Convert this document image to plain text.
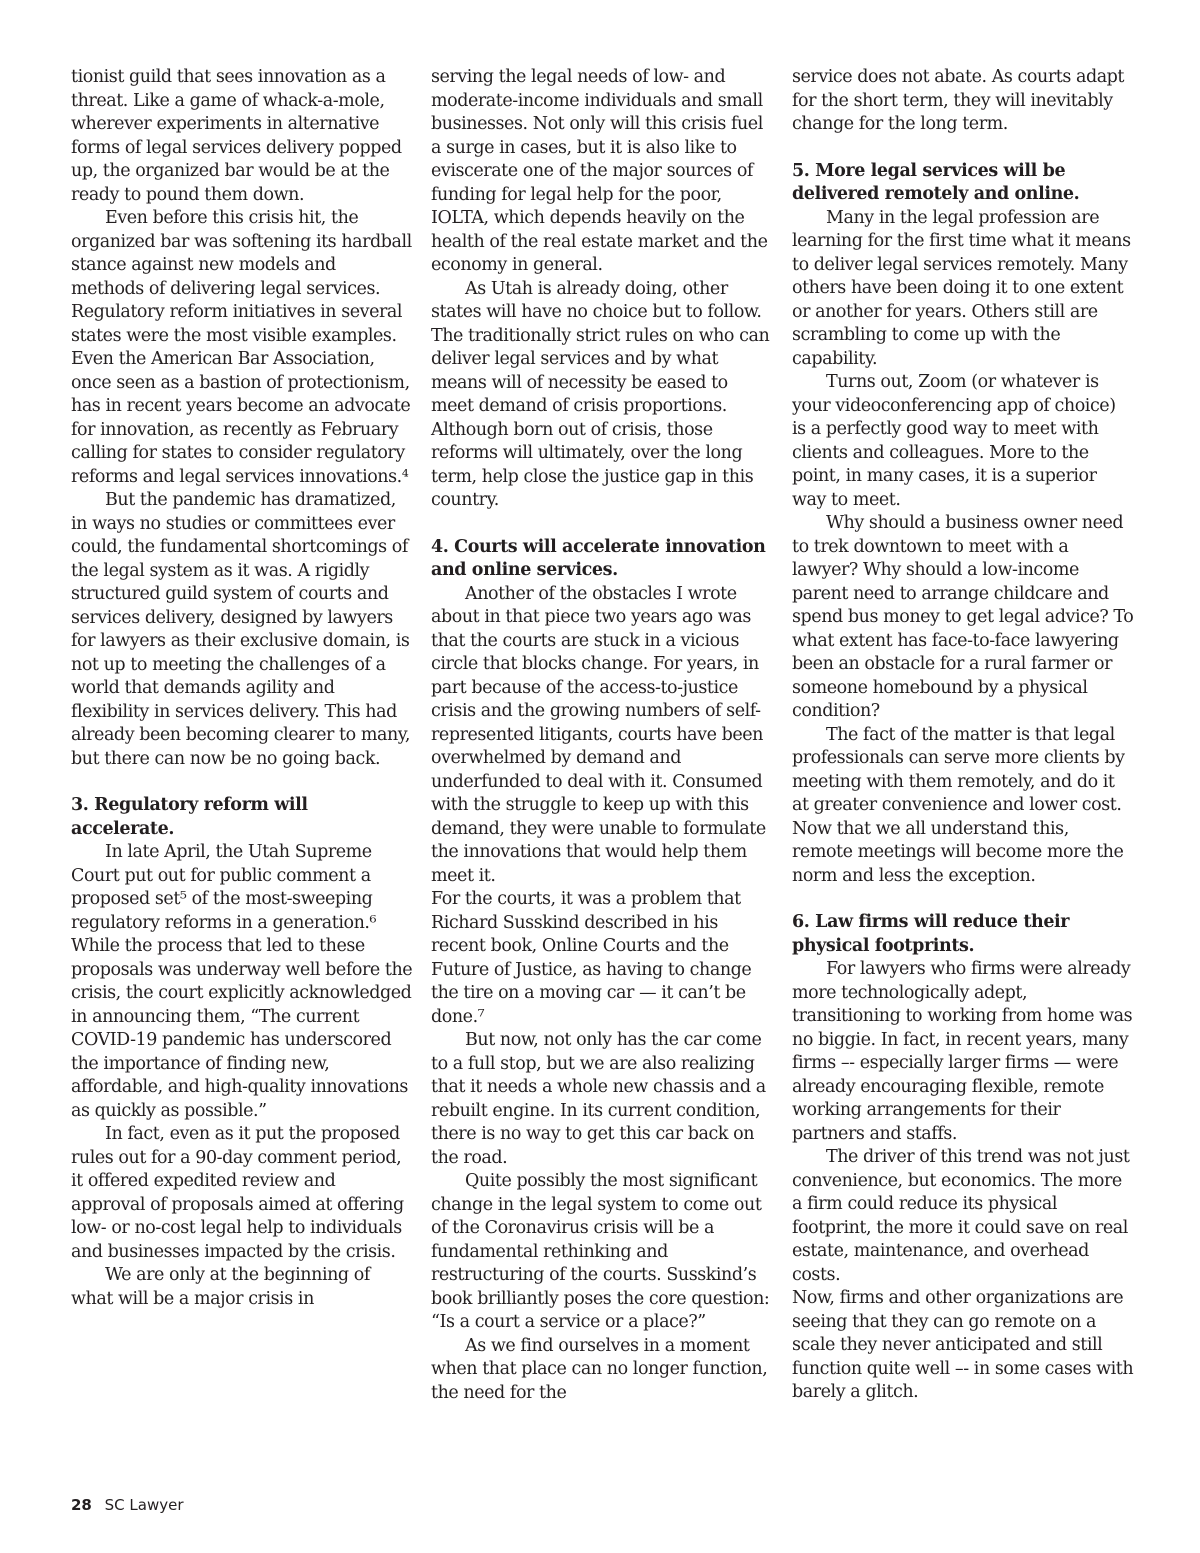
tionist guild that sees innovation as a threat. Like a game of whack-a-mole, wherever experiments in alternative forms of legal services delivery popped up, the organized bar would be at the ready to pound them down.

Even before this crisis hit, the organized bar was softening its hardball stance against new models and methods of delivering legal services. Regulatory reform initiatives in several states were the most visible examples. Even the American Bar Association, once seen as a bastion of protectionism, has in recent years become an advocate for innovation, as recently as February calling for states to consider regulatory reforms and legal services innovations.⁴

But the pandemic has dramatized, in ways no studies or committees ever could, the fundamental shortcomings of the legal system as it was. A rigidly structured guild system of courts and services delivery, designed by lawyers for lawyers as their exclusive domain, is not up to meeting the challenges of a world that demands agility and flexibility in services delivery. This had already been becoming clearer to many, but there can now be no going back.

3. Regulatory reform will accelerate.

In late April, the Utah Supreme Court put out for public comment a proposed set⁵ of the most-sweeping regulatory reforms in a generation.⁶ While the process that led to these proposals was underway well before the crisis, the court explicitly acknowledged in announcing them, “The current COVID-19 pandemic has underscored the importance of finding new, affordable, and high-quality innovations as quickly as possible.”

In fact, even as it put the proposed rules out for a 90-day comment period, it offered expedited review and approval of proposals aimed at offering low- or no-cost legal help to individuals and businesses impacted by the crisis.

We are only at the beginning of what will be a major crisis in

serving the legal needs of low- and moderate-income individuals and small businesses. Not only will this crisis fuel a surge in cases, but it is also like to eviscerate one of the major sources of funding for legal help for the poor, IOLTA, which depends heavily on the health of the real estate market and the economy in general.

As Utah is already doing, other states will have no choice but to follow. The traditionally strict rules on who can deliver legal services and by what means will of necessity be eased to meet demand of crisis proportions. Although born out of crisis, those reforms will ultimately, over the long term, help close the justice gap in this country.

4. Courts will accelerate innovation and online services.

Another of the obstacles I wrote about in that piece two years ago was that the courts are stuck in a vicious circle that blocks change. For years, in part because of the access-to-justice crisis and the growing numbers of self-represented litigants, courts have been overwhelmed by demand and underfunded to deal with it. Consumed with the struggle to keep up with this demand, they were unable to formulate the innovations that would help them meet it.

For the courts, it was a problem that Richard Susskind described in his recent book, Online Courts and the Future of Justice, as having to change the tire on a moving car — it can’t be done.⁷

But now, not only has the car come to a full stop, but we are also realizing that it needs a whole new chassis and a rebuilt engine. In its current condition, there is no way to get this car back on the road.

Quite possibly the most significant change in the legal system to come out of the Coronavirus crisis will be a fundamental rethinking and restructuring of the courts. Susskind’s book brilliantly poses the core question: “Is a court a service or a place?”

As we find ourselves in a moment when that place can no longer function, the need for the

service does not abate. As courts adapt for the short term, they will inevitably change for the long term.

5. More legal services will be delivered remotely and online.

Many in the legal profession are learning for the first time what it means to deliver legal services remotely. Many others have been doing it to one extent or another for years. Others still are scrambling to come up with the capability.

Turns out, Zoom (or whatever is your videoconferencing app of choice) is a perfectly good way to meet with clients and colleagues. More to the point, in many cases, it is a superior way to meet.

Why should a business owner need to trek downtown to meet with a lawyer? Why should a low-income parent need to arrange childcare and spend bus money to get legal advice? To what extent has face-to-face lawyering been an obstacle for a rural farmer or someone homebound by a physical condition?

The fact of the matter is that legal professionals can serve more clients by meeting with them remotely, and do it at greater convenience and lower cost. Now that we all understand this, remote meetings will become more the norm and less the exception.

6. Law firms will reduce their physical footprints.

For lawyers who firms were already more technologically adept, transitioning to working from home was no biggie. In fact, in recent years, many firms –- especially larger firms — were already encouraging flexible, remote working arrangements for their partners and staffs.

The driver of this trend was not just convenience, but economics. The more a firm could reduce its physical footprint, the more it could save on real estate, maintenance, and overhead costs.

Now, firms and other organizations are seeing that they can go remote on a scale they never anticipated and still function quite well –- in some cases with barely a glitch.

28 SC Lawyer
